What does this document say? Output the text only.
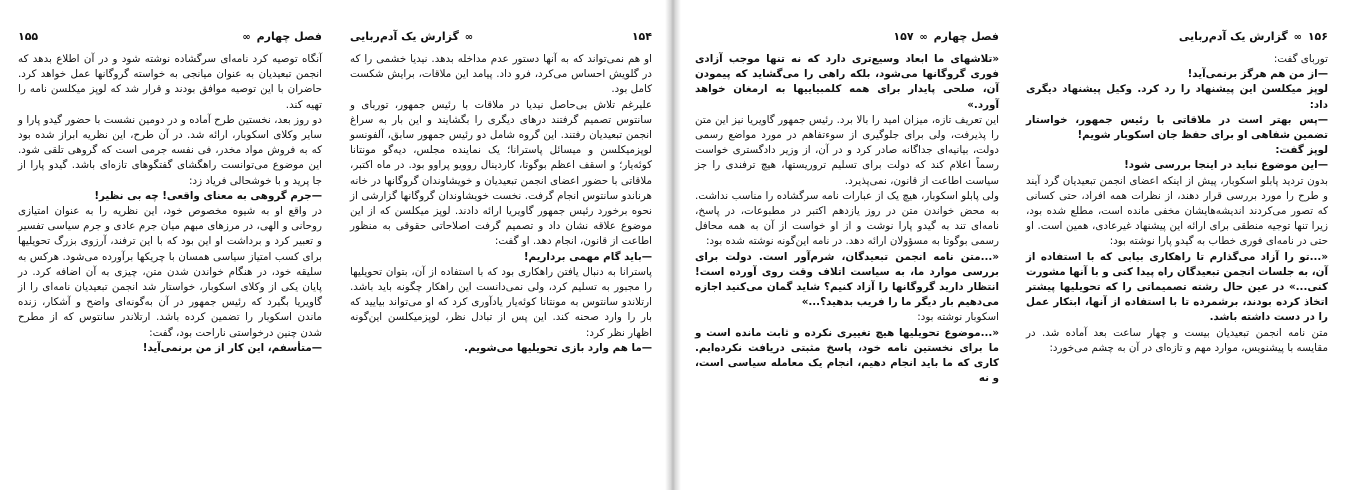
فصل چهارم ∞
۱۵۵

آنگاه توصیه کرد نامه‌ای سرگشاده نوشته شود و در آن اطلاع بدهد که انجمن تبعیدیان به عنوان میانجی به خواسته گروگانها عمل خواهد کرد. حاضران با این توصیه موافق بودند و قرار شد که لوپز میکلسن نامه را تهیه کند.

دو روز بعد، نخستین طرح آماده و در دومین نشست با حضور گیدو پارا و سایر وکلای اسکوبار، ارائه شد. در آن طرح، این نظریه ابراز شده بود که به فروش مواد مخدر، فی نفسه جرمی است که گروهی تلقی شود. این موضوع می‌توانست راهگشای گفتگوهای تازه‌ای باشد. گیدو پارا از جا پرید و با خوشحالی فریاد زد:

—جرم گروهی به معنای واقعی! چه بی نظیر!

در واقع او به شیوه مخصوص خود، این نظریه را به عنوان امتیازی روحانی و الهی، در مرزهای مبهم میان جرم عادی و جرم سیاسی تفسیر و تعبیر کرد و برداشت او این بود که با این ترفند، آرزوی بزرگ تحویلیها برای کسب امتیاز سیاسی همسان با چریکها برآورده می‌شود. هرکس به سلیقه خود، در هنگام خواندن شدن متن، چیزی به آن اضافه کرد. در پایان یکی از وکلای اسکوبار، خواستار شد انجمن تبعیدیان نامه‌ای را از گاویریا بگیرد که رئیس جمهور در آن به‌گونه‌ای واضح و آشکار، زنده ماندن اسکوبار را تضمین کرده باشد. ارتلاندر سانتوس که از مطرح شدن چنین درخواستی ناراحت بود، گفت:

—متأسفم، این کار از من برنمی‌آید!

۱۵۴
∞ گزارش یک آدم‌ربایی

او هم نمی‌تواند که به آنها دستور عدم مداخله بدهد. نیدیا خشمی را که در گلویش احساس می‌کرد، فرو داد. پیامد این ملاقات، برایش شکست کامل بود.

علیرغم تلاش بی‌حاصل نیدیا در ملاقات با رئیس جمهور، توربای و سانتوس تصمیم گرفتند درهای دیگری را بگشایند و این بار به سراغ انجمن تبعیدیان رفتند. این گروه شامل دو رئیس جمهور سابق، آلفونسو لوپزمیکلسن و میسائل پاسترانا؛ یک نماینده مجلس، دیه‌گو مونتانا کوئه‌یار؛ و اسقف اعظم بوگوتا، کاردینال روویو پراوو بود. در ماه اکتبر، ملاقاتی با حضور اعضای انجمن تبعیدیان و خویشاوندان گروگانها در خانه هرناندو سانتوس انجام گرفت. نخست خویشاوندان گروگانها گزارشی از نحوه برخورد رئیس جمهور گاویریا ارائه دادند. لوپز میکلسن که از این موضوع علاقه نشان داد و تصمیم گرفت اصلاحاتی حقوقی به منظور اطاعت از قانون، انجام دهد. او گفت:

—باید گام مهمی برداریم!

پاسترانا به دنبال یافتن راهکاری بود که با استفاده از آن، بتوان تحویلیها را مجبور به تسلیم کرد، ولی نمی‌دانست این راهکار چگونه باید باشد. ارتلاندو سانتوس به مونتانا کوئه‌یار یادآوری کرد که او می‌تواند بیایید که بار را وارد صحنه کند. این پس از تبادل نظر، لوپزمیکلسن این‌گونه اظهار نظر کرد:

—ما هم وارد بازی تحویلیها می‌شویم.

فصل چهارم ∞ ۱۵۷

«تلاشهای ما ابعاد وسیع‌تری دارد که نه تنها موجب آزادی فوری گروگانها می‌شود، بلکه راهی را می‌گشاید که پیمودن آن، صلحی پایدار برای همه کلمبیاییها به ارمغان خواهد آورد.»

این تعریف تازه، میزان امید را بالا برد. رئیس جمهور گاویریا نیز این متن را پذیرفت، ولی برای جلوگیری از سوءتفاهم در مورد مواضع رسمی دولت، بیانیه‌ای جداگانه صادر کرد و در آن، از وزیر دادگستری خواست رسماً اعلام کند که دولت برای تسلیم تروریستها، هیچ ترفندی را جز سیاست اطاعت از قانون، نمی‌پذیرد.

ولی پابلو اسکوبار، هیچ یک از عبارات نامه سرگشاده را مناسب نداشت. به محض خواندن متن در روز یازدهم اکتبر در مطبوعات، در پاسخ، نامه‌ای تند به گیدو پارا نوشت و از او خواست از آن به همه محافل رسمی بوگوتا به مسؤولان ارائه دهد. در نامه این‌گونه نوشته شده بود:

«...متن نامه انجمن تبعیدگان، شرم‌آور است. دولت برای بررسی موارد ما، به سیاست اتلاف وقت روی آورده است! انتظار دارید گروگانها را آزاد کنیم؟ شاید گمان می‌کنید اجازه می‌دهیم بار دیگر ما را فریب بدهید؟...»

اسکوبار نوشته بود:

«...موضوع تحویلیها هیچ تغییری نکرده و ثابت مانده است و ما برای نخستین نامه خود، پاسخ مثبتی دریافت نکرده‌ایم. کاری که ما باید انجام دهیم، انجام یک معامله سیاسی است، و نه

۱۵۶ ∞ گزارش یک آدم‌ربایی

توربای گفت:

—از من هم هرگز برنمی‌آید!

لوپز میکلسن این پیشنهاد را رد کرد. وکیل پیشنهاد دیگری داد:

—پس بهتر است در ملاقاتی با رئیس جمهور، خواستار تضمین شفاهی او برای حفظ جان اسکوبار شویم!

لوپز گفت:

—این موضوع نباید در اینجا بررسی شود!

بدون تردید پابلو اسکوبار، پیش از اینکه اعضای انجمن تبعیدیان گرد آیند و طرح را مورد بررسی قرار دهند، از نظرات همه افراد، حتی کسانی که تصور می‌کردند اندیشه‌هایشان مخفی مانده است، مطلع شده بود، زیرا تنها توجیه منطقی برای ارائه این پیشنهاد غیرعادی، همین است. او حتی در نامه‌ای فوری خطاب به گیدو پارا نوشته بود:

«...تو را آزاد می‌گذارم تا راهکاری بیابی که با استفاده از آن، به جلسات انجمن تبعیدگان راه پیدا کنی و با آنها مشورت کنی...» در عین حال رشته تصمیماتی را که تحویلیها پیشتر اتخاذ کرده بودند، برشمرده تا با استفاده از آنها، ابتکار عمل را در دست داشته باشد.

متن نامه انجمن تبعیدیان بیست و چهار ساعت بعد آماده شد. در مقایسه با پیشنویس، موارد مهم و تازه‌ای در آن به چشم می‌خورد:
